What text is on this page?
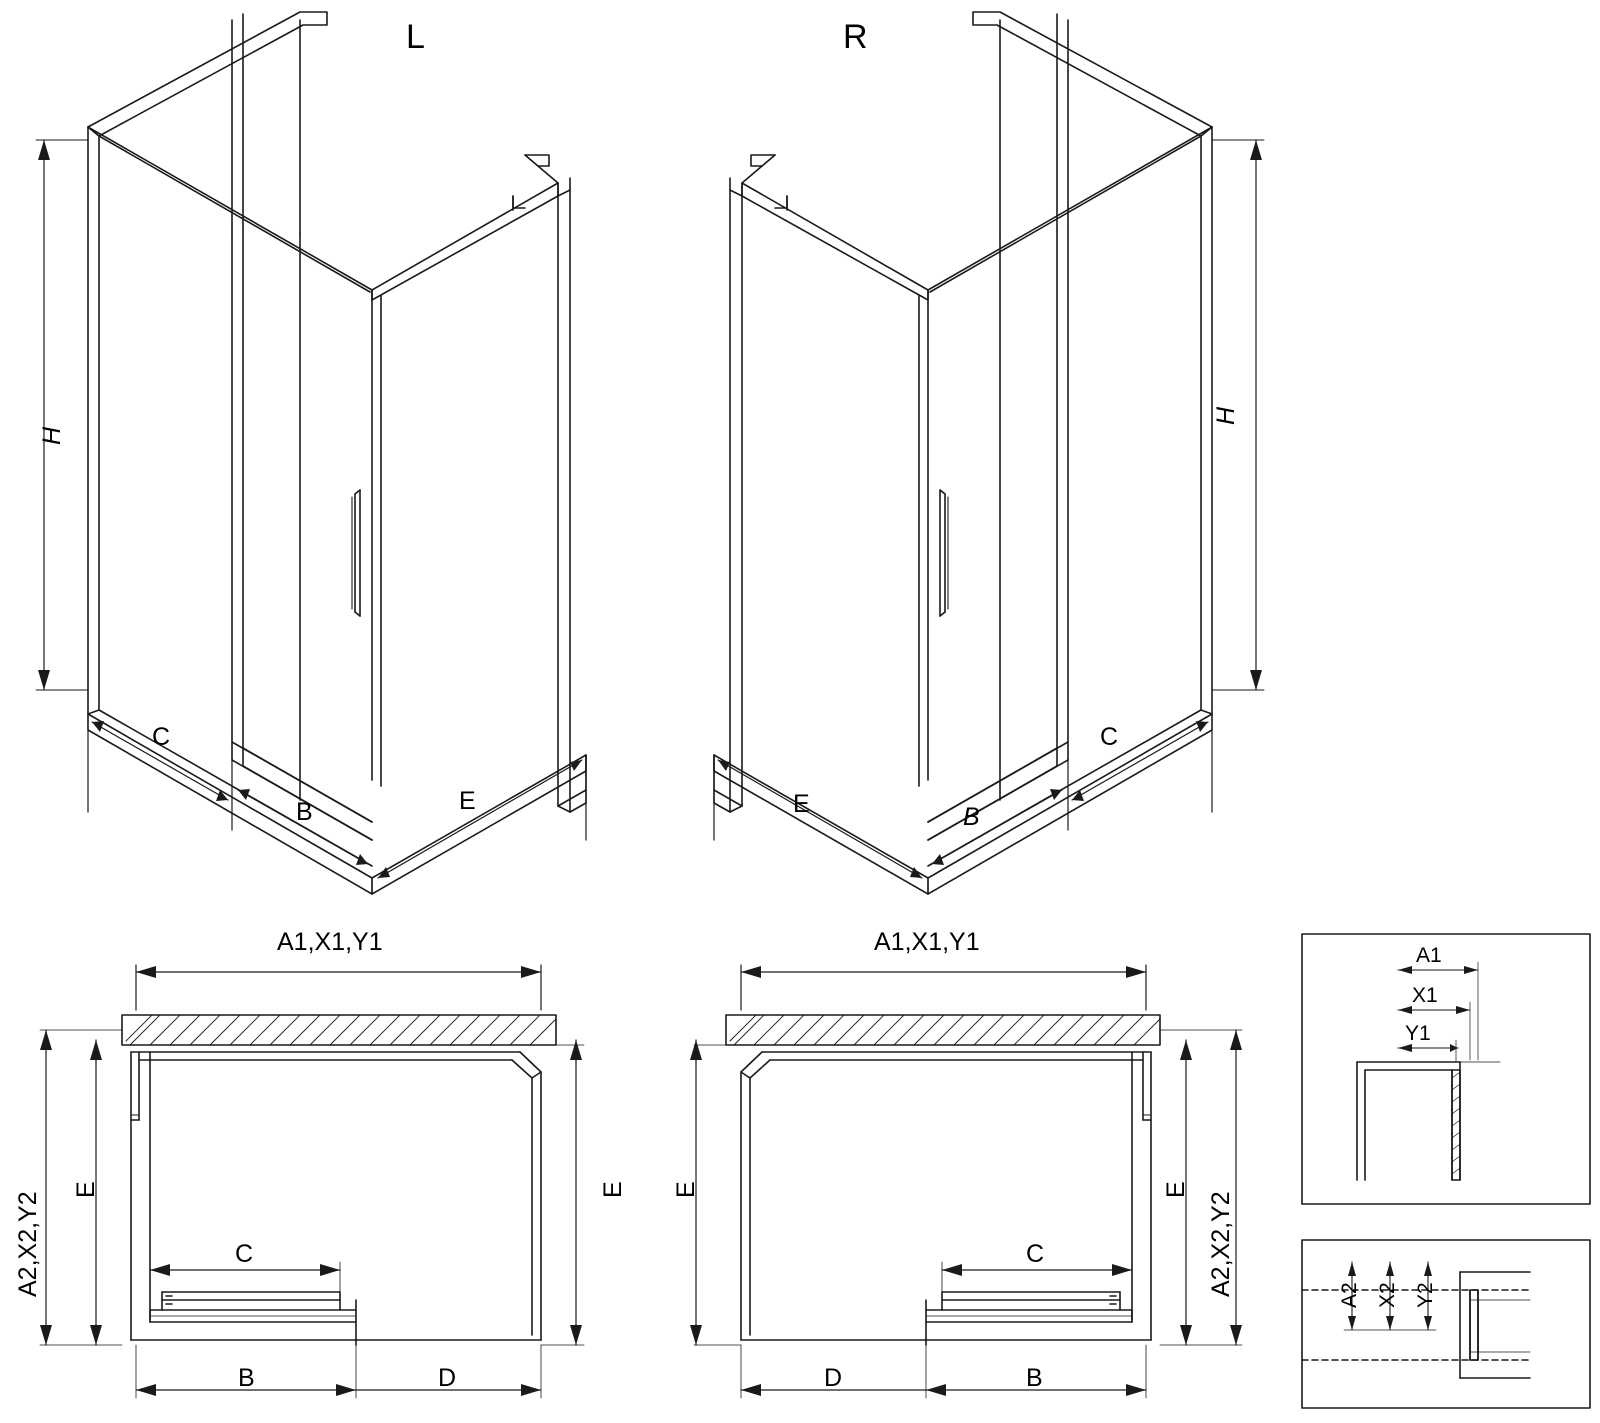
L	R
H
C
B	E
H
C
B
E
A1,X1,Y1
A2,X2,Y2
E	E
C
B	D
A1,X1,Y1
A2,X2,Y2
E	E
C
D	B
A1
X1
Y1
A2 X2 Y2
